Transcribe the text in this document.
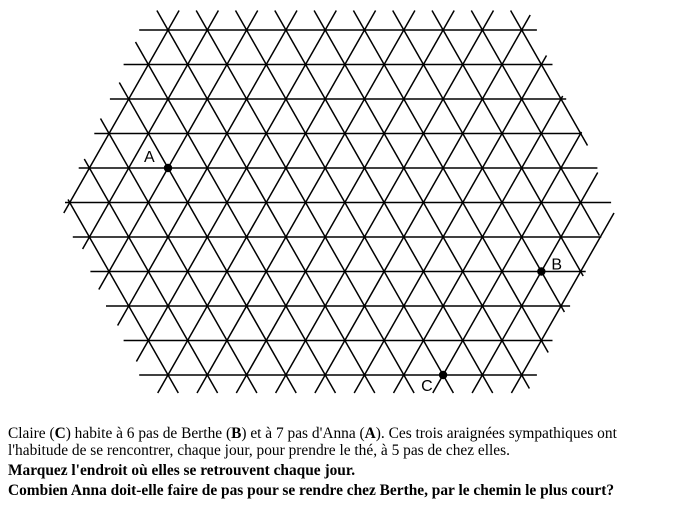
A
B
C

Claire (C) habite à 6 pas de Berthe (B) et à 7 pas d'Anna (A). Ces trois araignées sympathiques ont l'habitude de se rencontrer, chaque jour, pour prendre le thé, à 5 pas de chez elles.

Marquez l'endroit où elles se retrouvent chaque jour.

Combien Anna doit-elle faire de pas pour se rendre chez Berthe, par le chemin le plus court?
